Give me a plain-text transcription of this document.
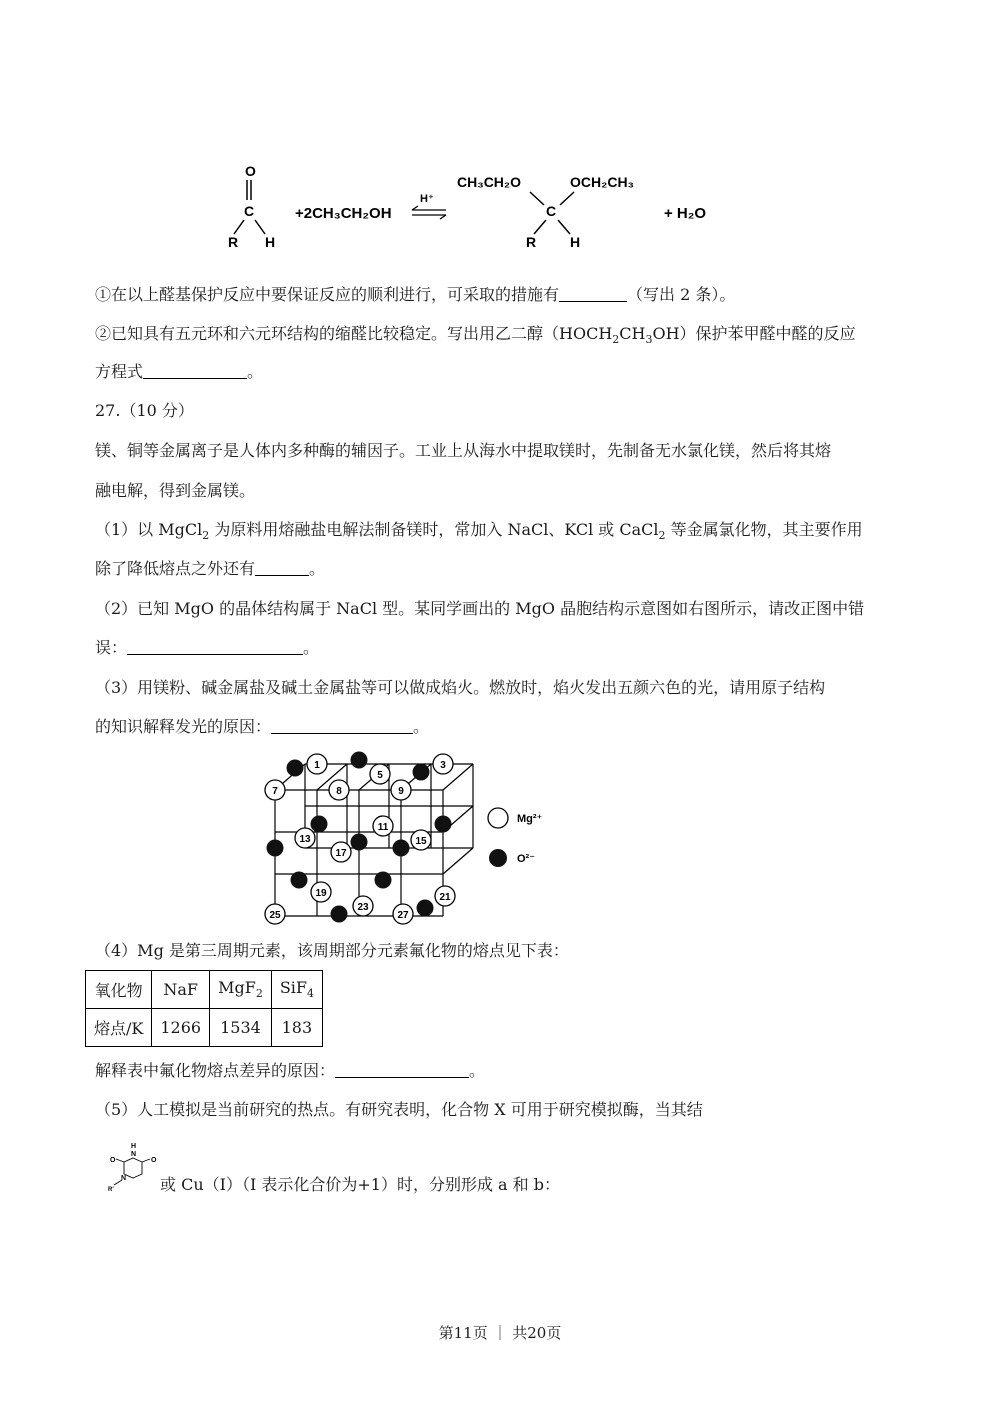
O
C
R H
+2CH₃CH₂OH
H⁺
CH₃CH₂O	OCH₂CH₃
C
R H
+ H₂O
①在以上醛基保护反应中要保证反应的顺利进行，可采取的措施有	（写出 2 条）。
②已知具有五元环和六元环结构的缩醛比较稳定。写出用乙二醇$(HOCH_2CH_3OH)$保护苯甲醛中醛的反应
方程式	。
27.（10 分）
镁、铜等金属离子是人体内多种酶的辅因子。工业上从海水中提取镁时，先制备无水氯化镁，然后将其熔
融电解，得到金属镁。
（1）以 MgCl$_2$ 为原料用熔融盐电解法制备镁时，常加入 NaCl、KCl 或 CaCl$_2$ 等金属氯化物，其主要作用
除了降低熔点之外还有	。
（2）已知 MgO 的晶体结构属于 NaCl 型。某同学画出的 MgO 晶胞结构示意图如右图所示，请改正图中错
误：	。
（3）用镁粉、碱金属盐及碱土金属盐等可以做成焰火。燃放时，焰火发出五颜六色的光，请用原子结构
的知识解释发光的原因：	。
1	3
5
7	8	9
11
13	15
17
19	21
23
25	27
Mg²⁺
O²⁻
（4）Mg 是第三周期元素，该周期部分元素氟化物的熔点见下表：
氧化物	NaF	MgF$_2$	SiF$_4$
熔点/K	1266	1534	183
解释表中氟化物熔点差异的原因：	。
（5）人工模拟是当前研究的热点。有研究表明，化合物 X 可用于研究模拟酶，当其结
H
N
O	O
N
R'	或 Cu（I）（I 表示化合价为+1）时，分别形成 a 和 b：
第11页 ｜ 共20页
